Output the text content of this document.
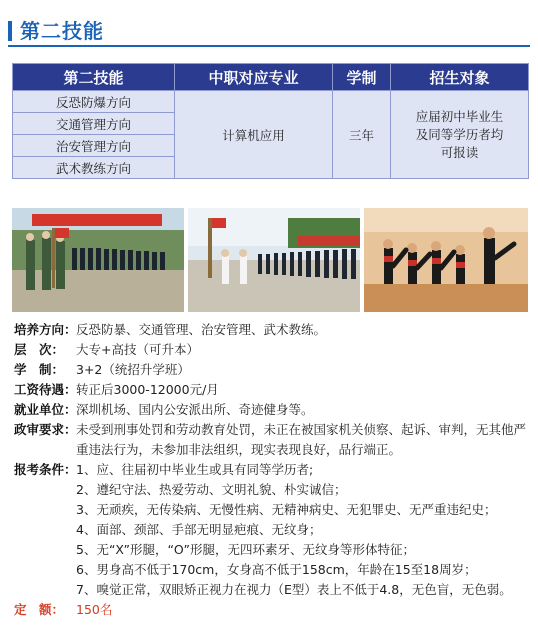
第二技能
第二技能	中职对应专业	学制	招生对象
反恐防爆方向	计算机应用	三年	应届初中毕业生
及同等学历者均
可报读

交通管理方向			
治安管理方向			
武术教练方向			
培养方向： 反恐防暴、交通管理、治安管理、武术教练。
层　次： 大专+高技（可升本）
学　制： 3+2（统招升学班）
工资待遇： 转正后3000-12000元/月
就业单位： 深圳机场、国内公安派出所、奇迹健身等。
政审要求： 未受到刑事处罚和劳动教育处罚，未正在被国家机关侦察、起诉、审判，无其他严重违法行为，未参加非法组织，现实表现良好，品行端正。
报考条件： 1、应、往届初中毕业生或具有同等学历者;
2、遵纪守法、热爱劳动、文明礼貌、朴实诚信；
3、无顽疾，无传染病、无慢性病、无精神病史、无犯罪史、无严重违纪史；
4、面部、颈部、手部无明显疤痕、无纹身；
5、无“X”形腿，“O”形腿，无四环素牙、无纹身等形体特征；
6、男身高不低于170cm，女身高不低于158cm，年龄在15至18周岁；
7、嗅觉正常，双眼矫正视力在视力（E型）表上不低于4.8，无色盲，无色弱。
定　额： 150名
